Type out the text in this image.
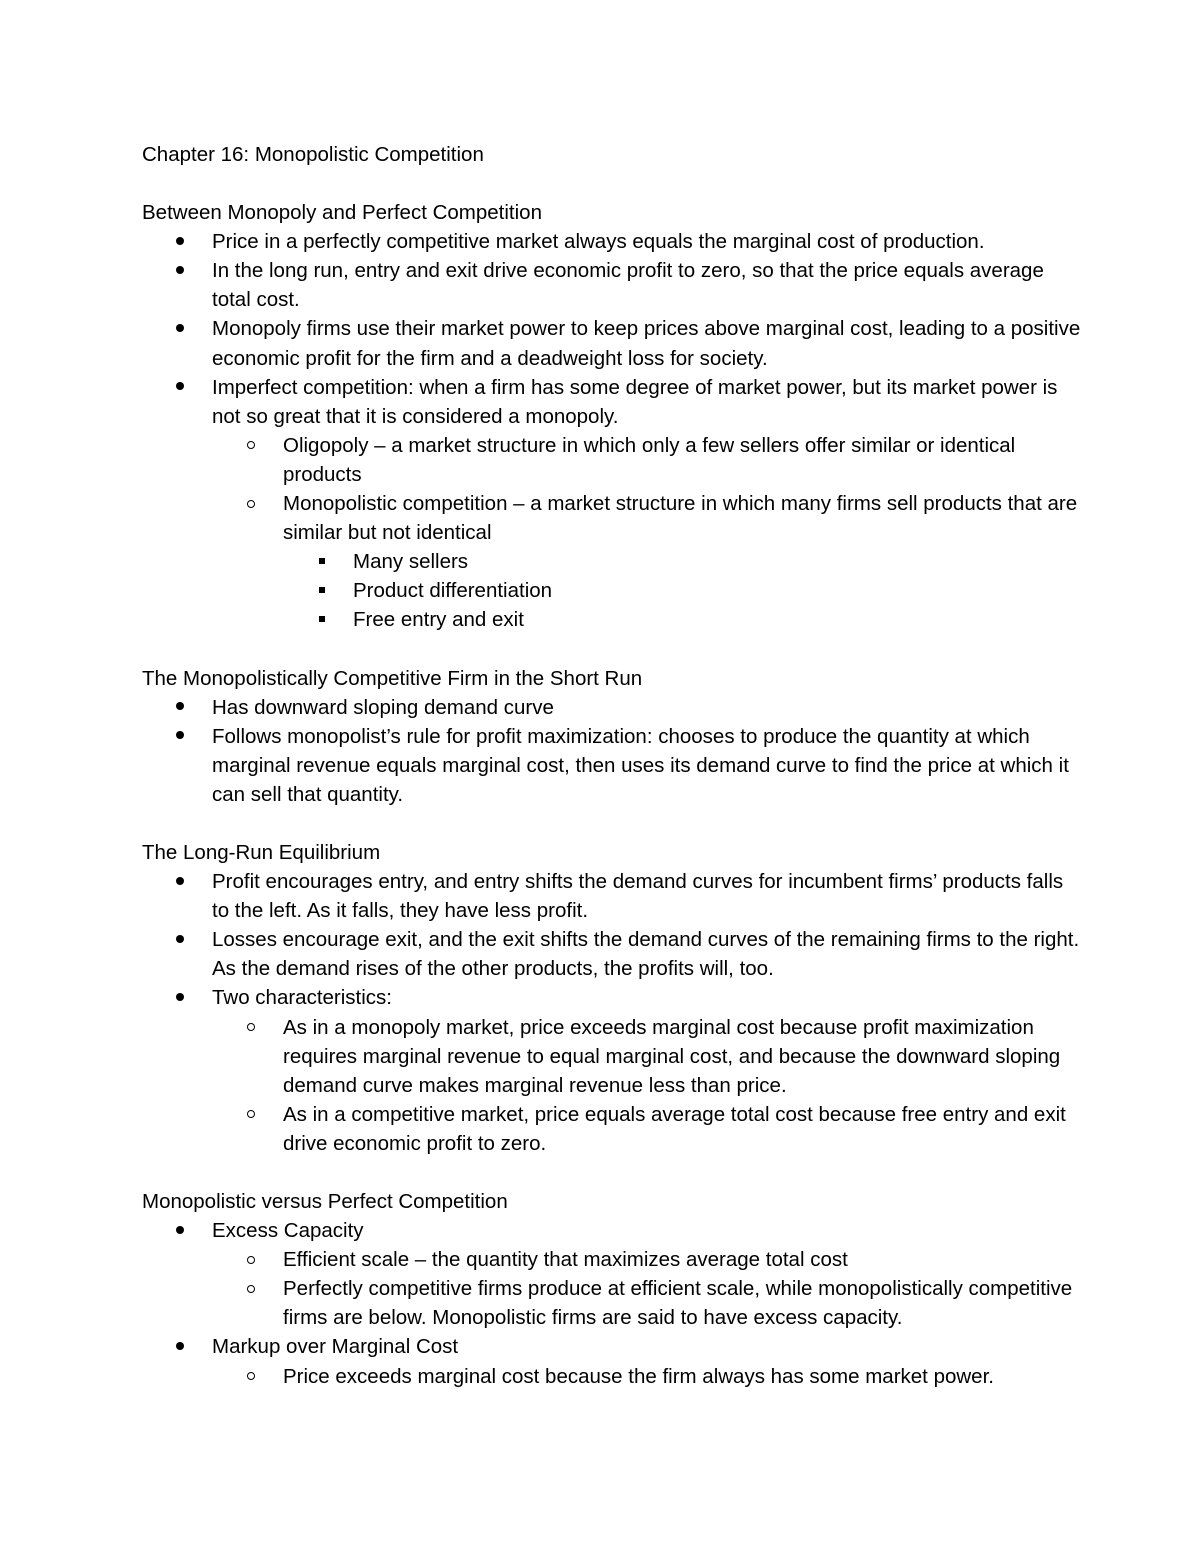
Chapter 16: Monopolistic Competition

Between Monopoly and Perfect Competition

Price in a perfectly competitive market always equals the marginal cost of production.
In the long run, entry and exit drive economic profit to zero, so that the price equals average total cost.
Monopoly firms use their market power to keep prices above marginal cost, leading to a positive economic profit for the firm and a deadweight loss for society.
Imperfect competition: when a firm has some degree of market power, but its market power is not so great that it is considered a monopoly.
Oligopoly – a market structure in which only a few sellers offer similar or identical products
Monopolistic competition – a market structure in which many firms sell products that are similar but not identical
Many sellers
Product differentiation
Free entry and exit

The Monopolistically Competitive Firm in the Short Run

Has downward sloping demand curve
Follows monopolist’s rule for profit maximization: chooses to produce the quantity at which marginal revenue equals marginal cost, then uses its demand curve to find the price at which it can sell that quantity.

The Long-Run Equilibrium

Profit encourages entry, and entry shifts the demand curves for incumbent firms’ products falls to the left. As it falls, they have less profit.
Losses encourage exit, and the exit shifts the demand curves of the remaining firms to the right. As the demand rises of the other products, the profits will, too.
Two characteristics:
As in a monopoly market, price exceeds marginal cost because profit maximization requires marginal revenue to equal marginal cost, and because the downward sloping demand curve makes marginal revenue less than price.
As in a competitive market, price equals average total cost because free entry and exit drive economic profit to zero.

Monopolistic versus Perfect Competition

Excess Capacity
Efficient scale – the quantity that maximizes average total cost
Perfectly competitive firms produce at efficient scale, while monopolistically competitive firms are below. Monopolistic firms are said to have excess capacity.
Markup over Marginal Cost
Price exceeds marginal cost because the firm always has some market power.
